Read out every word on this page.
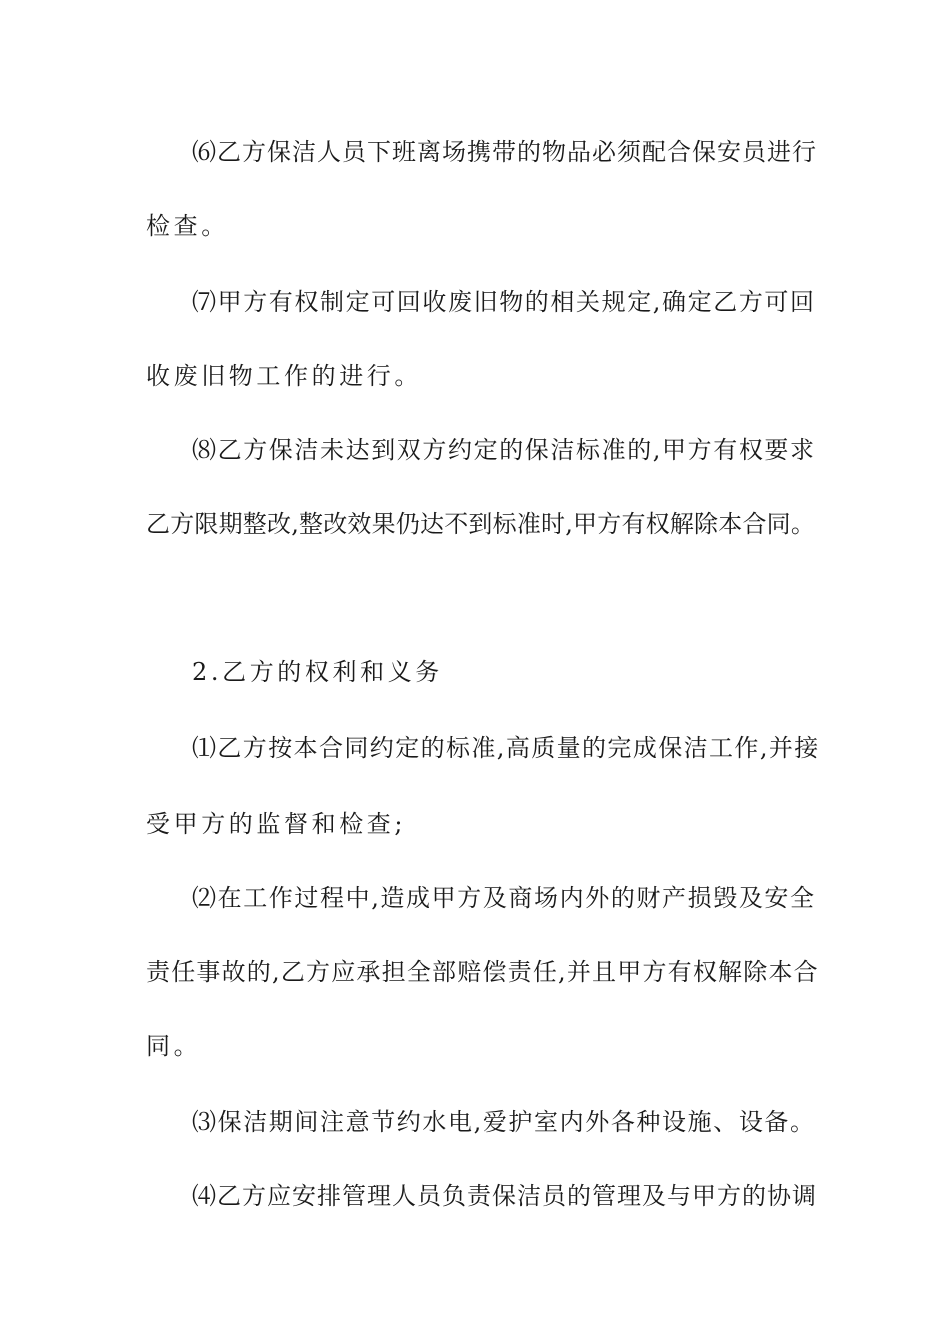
⑹乙方保洁人员下班离场携带的物品必须配合保安员进行
检查。
⑺甲方有权制定可回收废旧物的相关规定,确定乙方可回
收废旧物工作的进行。
⑻乙方保洁未达到双方约定的保洁标准的,甲方有权要求
乙方限期整改,整改效果仍达不到标准时,甲方有权解除本合同。
2.乙方的权利和义务
⑴乙方按本合同约定的标准,高质量的完成保洁工作,并接
受甲方的监督和检查;
⑵在工作过程中,造成甲方及商场内外的财产损毁及安全
责任事故的,乙方应承担全部赔偿责任,并且甲方有权解除本合
同。
⑶保洁期间注意节约水电,爱护室内外各种设施、设备。
⑷乙方应安排管理人员负责保洁员的管理及与甲方的协调
